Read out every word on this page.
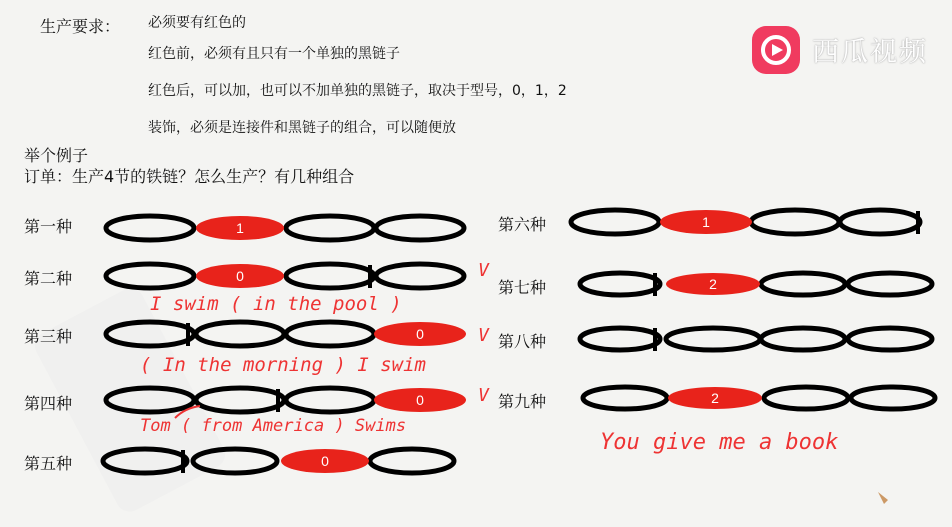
西瓜视频
生产要求： 必须要有红色的
红色前，必须有且只有一个单独的黑链子
红色后，可以加，也可以不加单独的黑链子，取决于型号，0，1，2
装饰，必须是连接件和黑链子的组合，可以随便放
举个例子
订单：生产4节的铁链？怎么生产？有几种组合
第一种
第二种
第三种
第四种
第五种
第六种
第七种
第八种
第九种
1
0
0
0
0
1
2
2
V
V
V
I swim ( in the pool )
( In the morning ) I swim
Tom ( from America ) Swims
You give me a book
